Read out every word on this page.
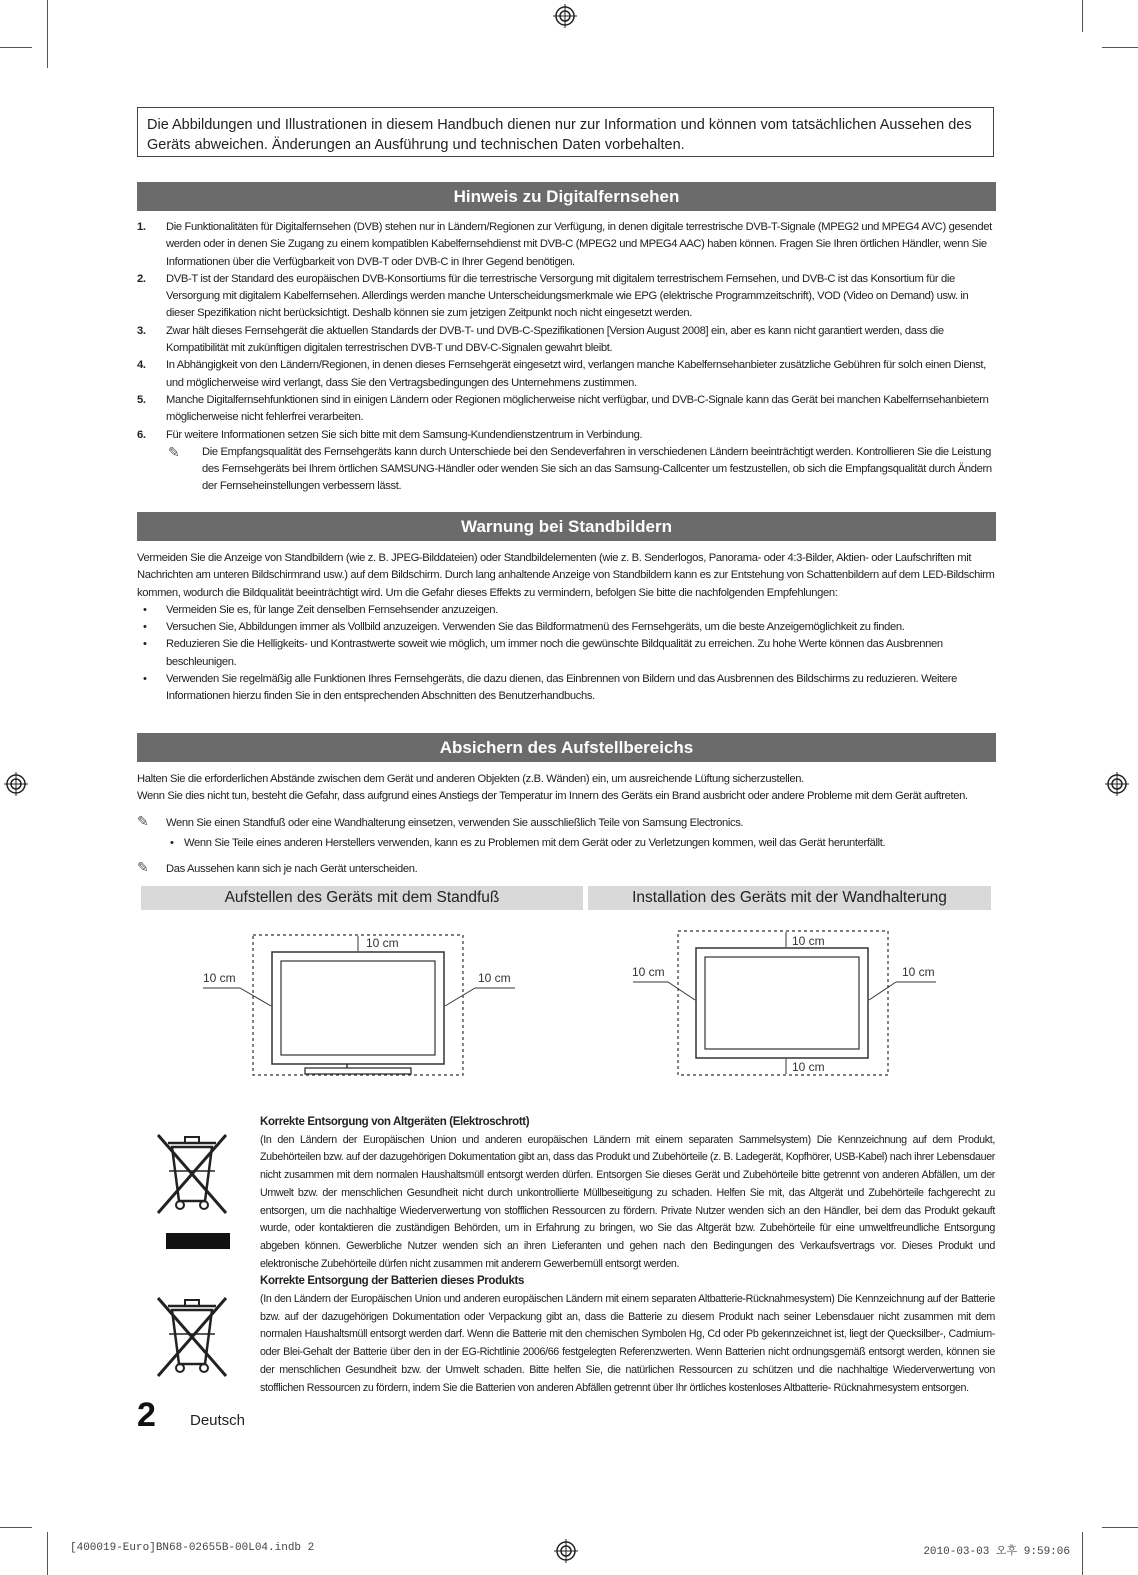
Die Abbildungen und Illustrationen in diesem Handbuch dienen nur zur Information und können vom tatsächlichen Aussehen des Geräts abweichen. Änderungen an Ausführung und technischen Daten vorbehalten.
Hinweis zu Digitalfernsehen
1. Die Funktionalitäten für Digitalfernsehen (DVB) stehen nur in Ländern/Regionen zur Verfügung, in denen digitale terrestrische DVB-T-Signale (MPEG2 und MPEG4 AVC) gesendet werden oder in denen Sie Zugang zu einem kompatiblen Kabelfernsehdienst mit DVB-C (MPEG2 und MPEG4 AAC) haben können. Fragen Sie Ihren örtlichen Händler, wenn Sie Informationen über die Verfügbarkeit von DVB-T oder DVB-C in Ihrer Gegend benötigen.
2. DVB-T ist der Standard des europäischen DVB-Konsortiums für die terrestrische Versorgung mit digitalem terrestrischem Fernsehen, und DVB-C ist das Konsortium für die Versorgung mit digitalem Kabelfernsehen. Allerdings werden manche Unterscheidungsmerkmale wie EPG (elektrische Programmzeitschrift), VOD (Video on Demand) usw. in dieser Spezifikation nicht berücksichtigt. Deshalb können sie zum jetzigen Zeitpunkt noch nicht eingesetzt werden.
3. Zwar hält dieses Fernsehgerät die aktuellen Standards der DVB-T- und DVB-C-Spezifikationen [Version August 2008] ein, aber es kann nicht garantiert werden, dass die Kompatibilität mit zukünftigen digitalen terrestrischen DVB-T und DBV-C-Signalen gewahrt bleibt.
4. In Abhängigkeit von den Ländern/Regionen, in denen dieses Fernsehgerät eingesetzt wird, verlangen manche Kabelfernsehanbieter zusätzliche Gebühren für solch einen Dienst, und möglicherweise wird verlangt, dass Sie den Vertragsbedingungen des Unternehmens zustimmen.
5. Manche Digitalfernsehfunktionen sind in einigen Ländern oder Regionen möglicherweise nicht verfügbar, und DVB-C-Signale kann das Gerät bei manchen Kabelfernsehanbietern möglicherweise nicht fehlerfrei verarbeiten.
6. Für weitere Informationen setzen Sie sich bitte mit dem Samsung-Kundendienstzentrum in Verbindung.
✎ Die Empfangsqualität des Fernsehgeräts kann durch Unterschiede bei den Sendeverfahren in verschiedenen Ländern beeinträchtigt werden. Kontrollieren Sie die Leistung des Fernsehgeräts bei Ihrem örtlichen SAMSUNG-Händler oder wenden Sie sich an das Samsung-Callcenter um festzustellen, ob sich die Empfangsqualität durch Ändern der Fernseheinstellungen verbessern lässt.
Warnung bei Standbildern
Vermeiden Sie die Anzeige von Standbildern (wie z. B. JPEG-Bilddateien) oder Standbildelementen (wie z. B. Senderlogos, Panorama- oder 4:3-Bilder, Aktien- oder Laufschriften mit Nachrichten am unteren Bildschirmrand usw.) auf dem Bildschirm. Durch lang anhaltende Anzeige von Standbildern kann es zur Entstehung von Schattenbildern auf dem LED-Bildschirm kommen, wodurch die Bildqualität beeinträchtigt wird. Um die Gefahr dieses Effekts zu vermindern, befolgen Sie bitte die nachfolgenden Empfehlungen:
• Vermeiden Sie es, für lange Zeit denselben Fernsehsender anzuzeigen.
• Versuchen Sie, Abbildungen immer als Vollbild anzuzeigen. Verwenden Sie das Bildformatmenü des Fernsehgeräts, um die beste Anzeigemöglichkeit zu finden.
• Reduzieren Sie die Helligkeits- und Kontrastwerte soweit wie möglich, um immer noch die gewünschte Bildqualität zu erreichen. Zu hohe Werte können das Ausbrennen beschleunigen.
• Verwenden Sie regelmäßig alle Funktionen Ihres Fernsehgeräts, die dazu dienen, das Einbrennen von Bildern und das Ausbrennen des Bildschirms zu reduzieren. Weitere Informationen hierzu finden Sie in den entsprechenden Abschnitten des Benutzerhandbuchs.
Absichern des Aufstellbereichs
Halten Sie die erforderlichen Abstände zwischen dem Gerät und anderen Objekten (z.B. Wänden) ein, um ausreichende Lüftung sicherzustellen.
Wenn Sie dies nicht tun, besteht die Gefahr, dass aufgrund eines Anstiegs der Temperatur im Innern des Geräts ein Brand ausbricht oder andere Probleme mit dem Gerät auftreten.
✎ Wenn Sie einen Standfuß oder eine Wandhalterung einsetzen, verwenden Sie ausschließlich Teile von Samsung Electronics.
• Wenn Sie Teile eines anderen Herstellers verwenden, kann es zu Problemen mit dem Gerät oder zu Verletzungen kommen, weil das Gerät herunterfällt.
✎ Das Aussehen kann sich je nach Gerät unterscheiden.
Aufstellen des Geräts mit dem Standfuß	Installation des Geräts mit der Wandhalterung
10 cm
10 cm	10 cm
10 cm
10 cm	10 cm
10 cm
Korrekte Entsorgung von Altgeräten (Elektroschrott)
(In den Ländern der Europäischen Union und anderen europäischen Ländern mit einem separaten Sammelsystem) Die Kennzeichnung auf dem Produkt, Zubehörteilen bzw. auf der dazugehörigen Dokumentation gibt an, dass das Produkt und Zubehörteile (z. B. Ladegerät, Kopfhörer, USB-Kabel) nach ihrer Lebensdauer nicht zusammen mit dem normalen Haushaltsmüll entsorgt werden dürfen. Entsorgen Sie dieses Gerät und Zubehörteile bitte getrennt von anderen Abfällen, um der Umwelt bzw. der menschlichen Gesundheit nicht durch unkontrollierte Müllbeseitigung zu schaden. Helfen Sie mit, das Altgerät und Zubehörteile fachgerecht zu entsorgen, um die nachhaltige Wiederverwertung von stofflichen Ressourcen zu fördern. Private Nutzer wenden sich an den Händler, bei dem das Produkt gekauft wurde, oder kontaktieren die zuständigen Behörden, um in Erfahrung zu bringen, wo Sie das Altgerät bzw. Zubehörteile für eine umweltfreundliche Entsorgung abgeben können. Gewerbliche Nutzer wenden sich an ihren Lieferanten und gehen nach den Bedingungen des Verkaufsvertrags vor. Dieses Produkt und elektronische Zubehörteile dürfen nicht zusammen mit anderem Gewerbemüll entsorgt werden.
Korrekte Entsorgung der Batterien dieses Produkts
(In den Ländern der Europäischen Union und anderen europäischen Ländern mit einem separaten Altbatterie-Rücknahmesystem) Die Kennzeichnung auf der Batterie bzw. auf der dazugehörigen Dokumentation oder Verpackung gibt an, dass die Batterie zu diesem Produkt nach seiner Lebensdauer nicht zusammen mit dem normalen Haushaltsmüll entsorgt werden darf. Wenn die Batterie mit den chemischen Symbolen Hg, Cd oder Pb gekennzeichnet ist, liegt der Quecksilber-, Cadmium- oder Blei-Gehalt der Batterie über den in der EG-Richtlinie 2006/66 festgelegten Referenzwerten. Wenn Batterien nicht ordnungsgemäß entsorgt werden, können sie der menschlichen Gesundheit bzw. der Umwelt schaden. Bitte helfen Sie, die natürlichen Ressourcen zu schützen und die nachhaltige Wiederverwertung von stofflichen Ressourcen zu fördern, indem Sie die Batterien von anderen Abfällen getrennt über Ihr örtliches kostenloses Altbatterie- Rücknahmesystem entsorgen.
2 Deutsch
[400019-Euro]BN68-02655B-00L04.indb 2	2010-03-03 오후 9:59:06
